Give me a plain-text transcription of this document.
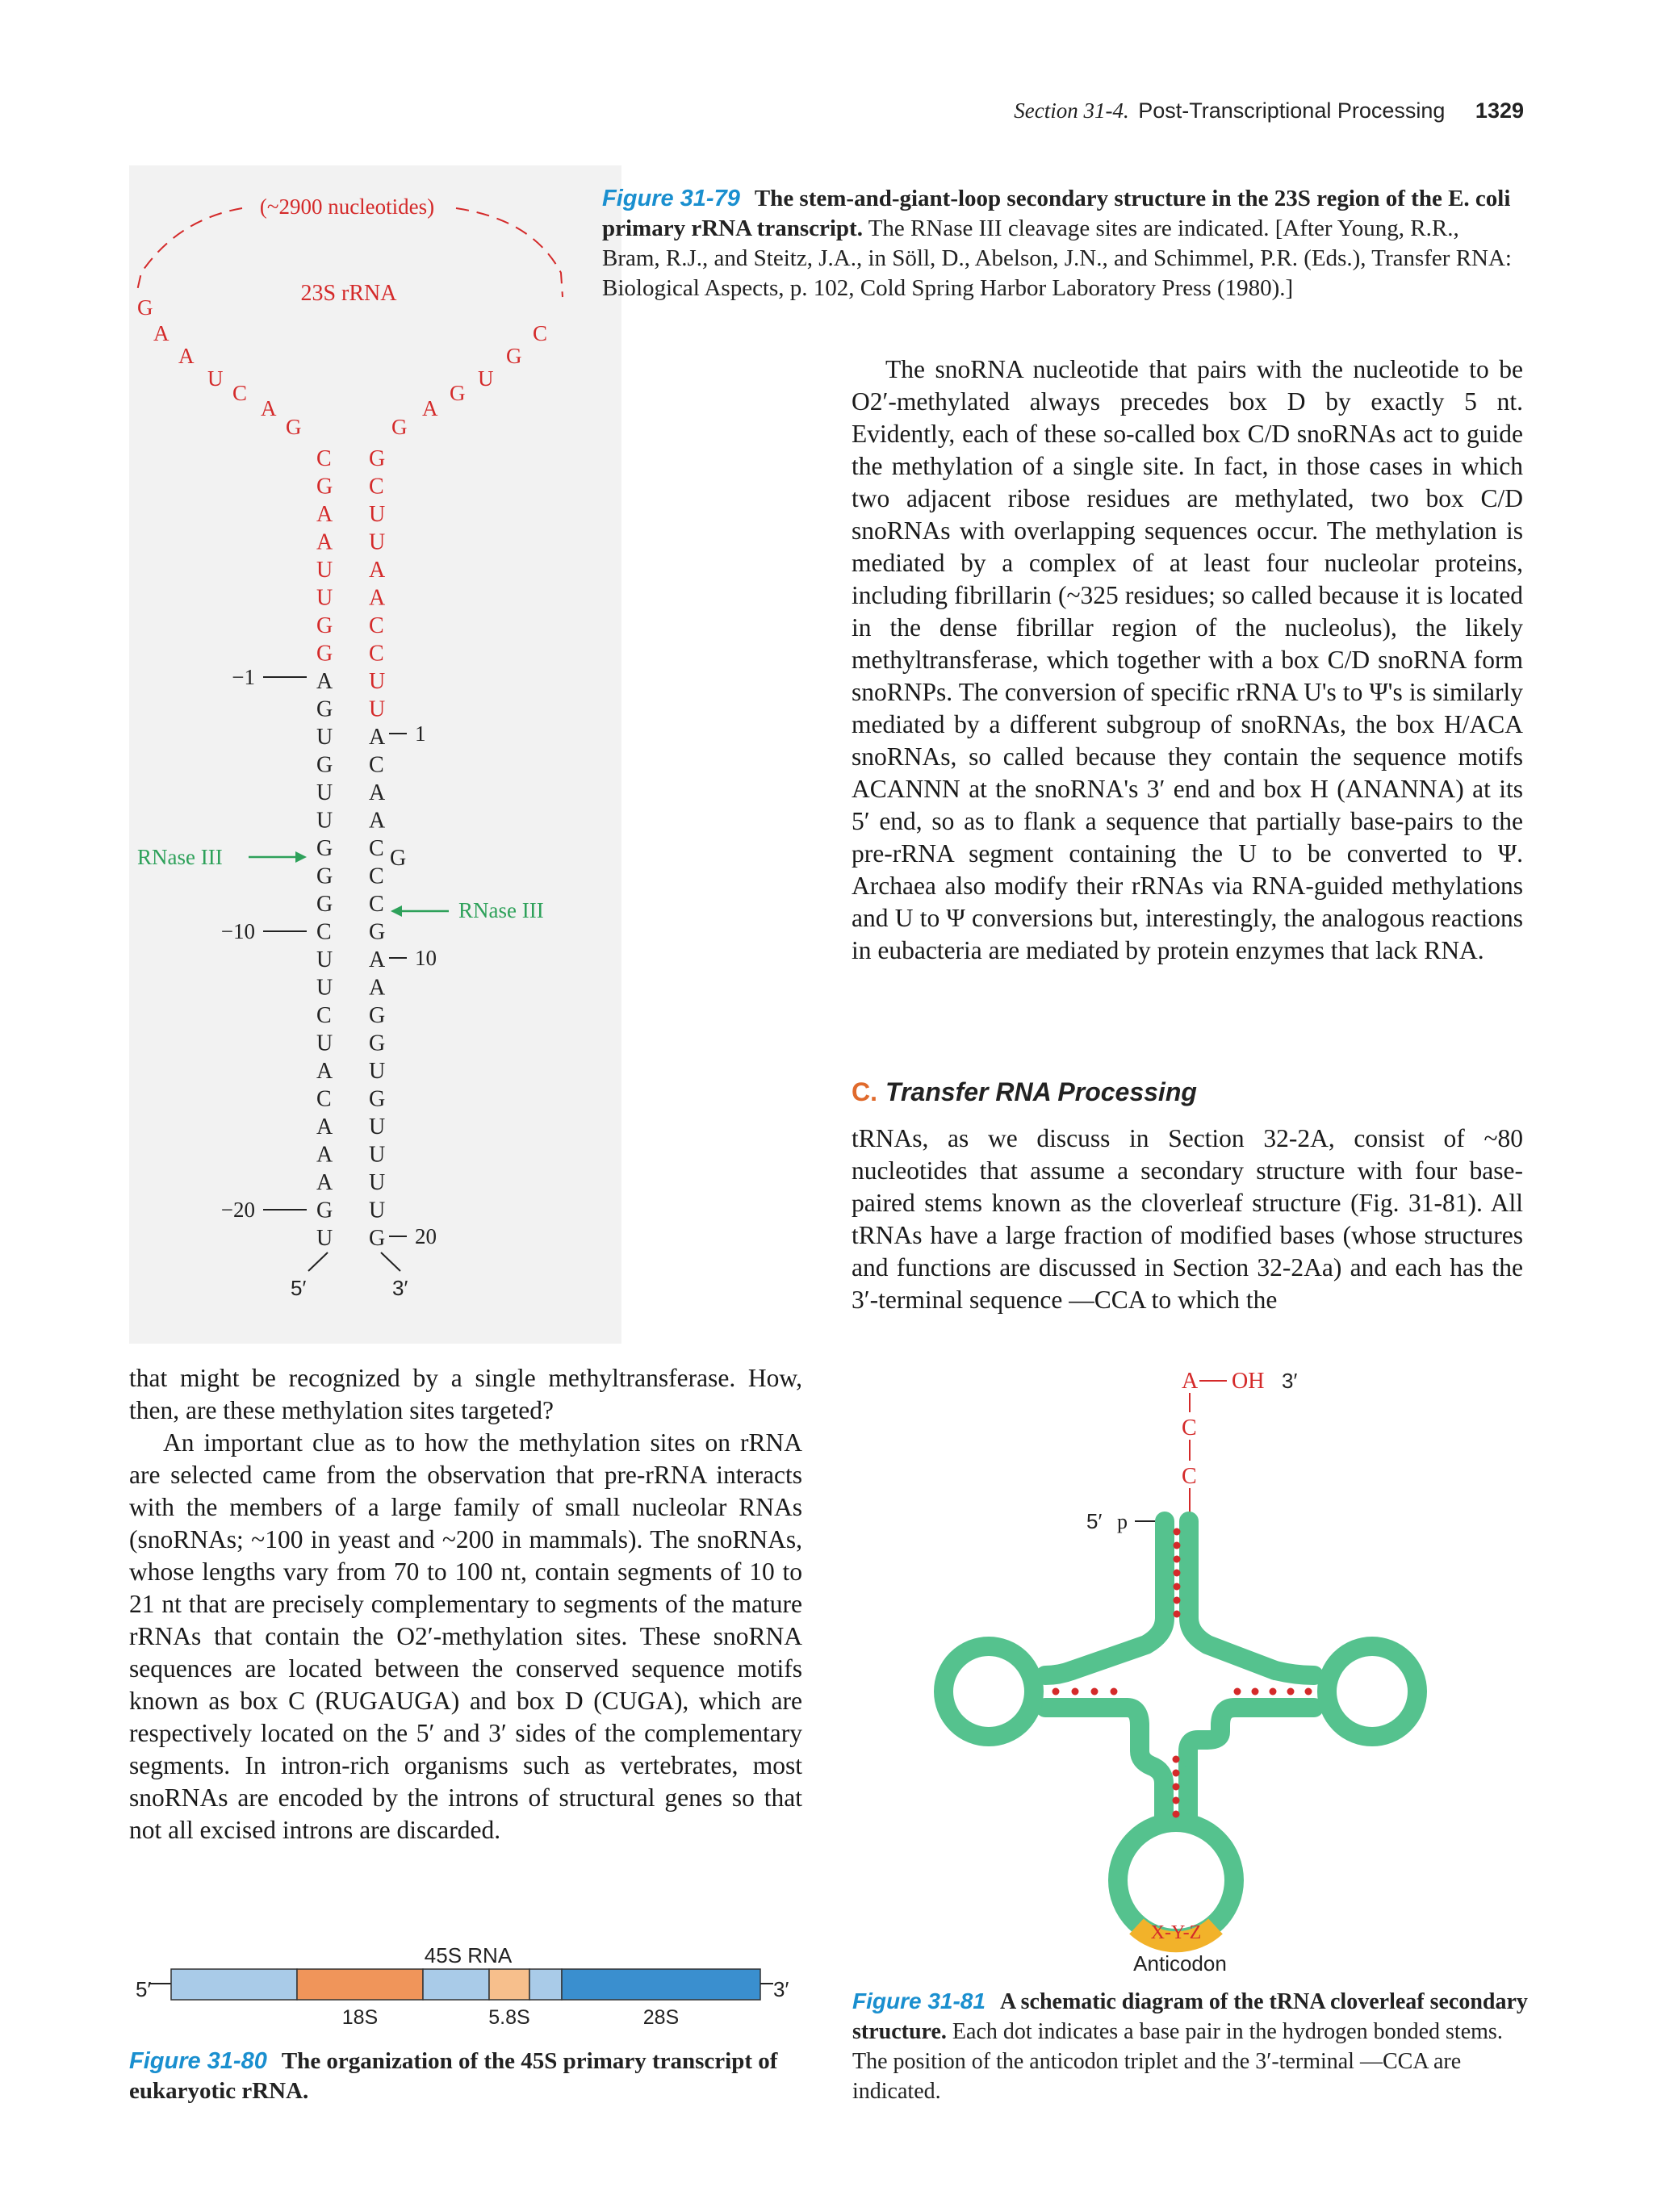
Section 31-4. Post-Transcriptional Processing 1329
(~2900 nucleotides)
23S rRNA
G
A
A
U
C
A
G
C
G
U
G
A
G
C
G
A
A
U
U
G
G
A
G
U
G
U
U
G
G
G
C
U
U
C
U
A
C
A
A
A
G
U
G
C
U
U
A
A
C
C
U
U
A
C
A
A
C
C
C
G
A
A
G
G
U
G
U
U
U
U
G
G
−1
−10
−20
1
10
20
RNase III
RNase III
5′	3′
Figure 31-79 The stem-and-giant-loop secondary structure in the 23S region of the E. coli primary rRNA transcript. The RNase III cleavage sites are indicated. [After Young, R.R., Bram, R.J., and Steitz, J.A., in Söll, D., Abelson, J.N., and Schimmel, P.R. (Eds.), Transfer RNA: Biological Aspects, p. 102, Cold Spring Harbor Laboratory Press (1980).]

The snoRNA nucleotide that pairs with the nucleotide to be O2′-methylated always precedes box D by exactly 5 nt. Evidently, each of these so-called box C/D snoRNAs act to guide the methylation of a single site. In fact, in those cases in which two adjacent ribose residues are methylated, two box C/D snoRNAs with overlapping sequences occur. The methylation is mediated by a complex of at least four nucleolar proteins, including fibrillarin (~325 residues; so called because it is located in the dense fibrillar region of the nucleolus), the likely methyltransferase, which together with a box C/D snoRNA form snoRNPs. The conversion of specific rRNA U's to Ψ's is similarly mediated by a different subgroup of snoRNAs, the box H/ACA snoRNAs, so called because they contain the sequence motifs ACANNN at the snoRNA's 3′ end and box H (ANANNA) at its 5′ end, so as to flank a sequence that partially base-pairs to the pre-rRNA segment containing the U to be converted to Ψ. Archaea also modify their rRNAs via RNA-guided methylations and U to Ψ conversions but, interestingly, the analogous reactions in eubacteria are mediated by protein enzymes that lack RNA.

C. Transfer RNA Processing

tRNAs, as we discuss in Section 32-2A, consist of ~80 nucleotides that assume a secondary structure with four base-paired stems known as the cloverleaf structure (Fig. 31-81). All tRNAs have a large fraction of modified bases (whose structures and functions are discussed in Section 32-2Aa) and each has the 3′-terminal sequence —CCA to which the

that might be recognized by a single methyltransferase. How, then, are these methylation sites targeted?

An important clue as to how the methylation sites on rRNA are selected came from the observation that pre-rRNA interacts with the members of a large family of small nucleolar RNAs (snoRNAs; ~100 in yeast and ~200 in mammals). The snoRNAs, whose lengths vary from 70 to 100 nt, contain segments of 10 to 21 nt that are precisely complementary to segments of the mature rRNAs that contain the O2′-methylation sites. These snoRNA sequences are located between the conserved sequence motifs known as box C (RUGAUGA) and box D (CUGA), which are respectively located on the 5′ and 3′ sides of the complementary segments. In intron-rich organisms such as vertebrates, most snoRNAs are encoded by the introns of structural genes so that not all excised introns are discarded.

45S RNA
5′	3′
18S	5.8S	28S
Figure 31-80 The organization of the 45S primary transcript of eukaryotic rRNA.
A OH 3′
C
C
5′ p
X-Y-Z
Anticodon
Figure 31-81 A schematic diagram of the tRNA cloverleaf secondary structure. Each dot indicates a base pair in the hydrogen bonded stems. The position of the anticodon triplet and the 3′-terminal —CCA are indicated.
